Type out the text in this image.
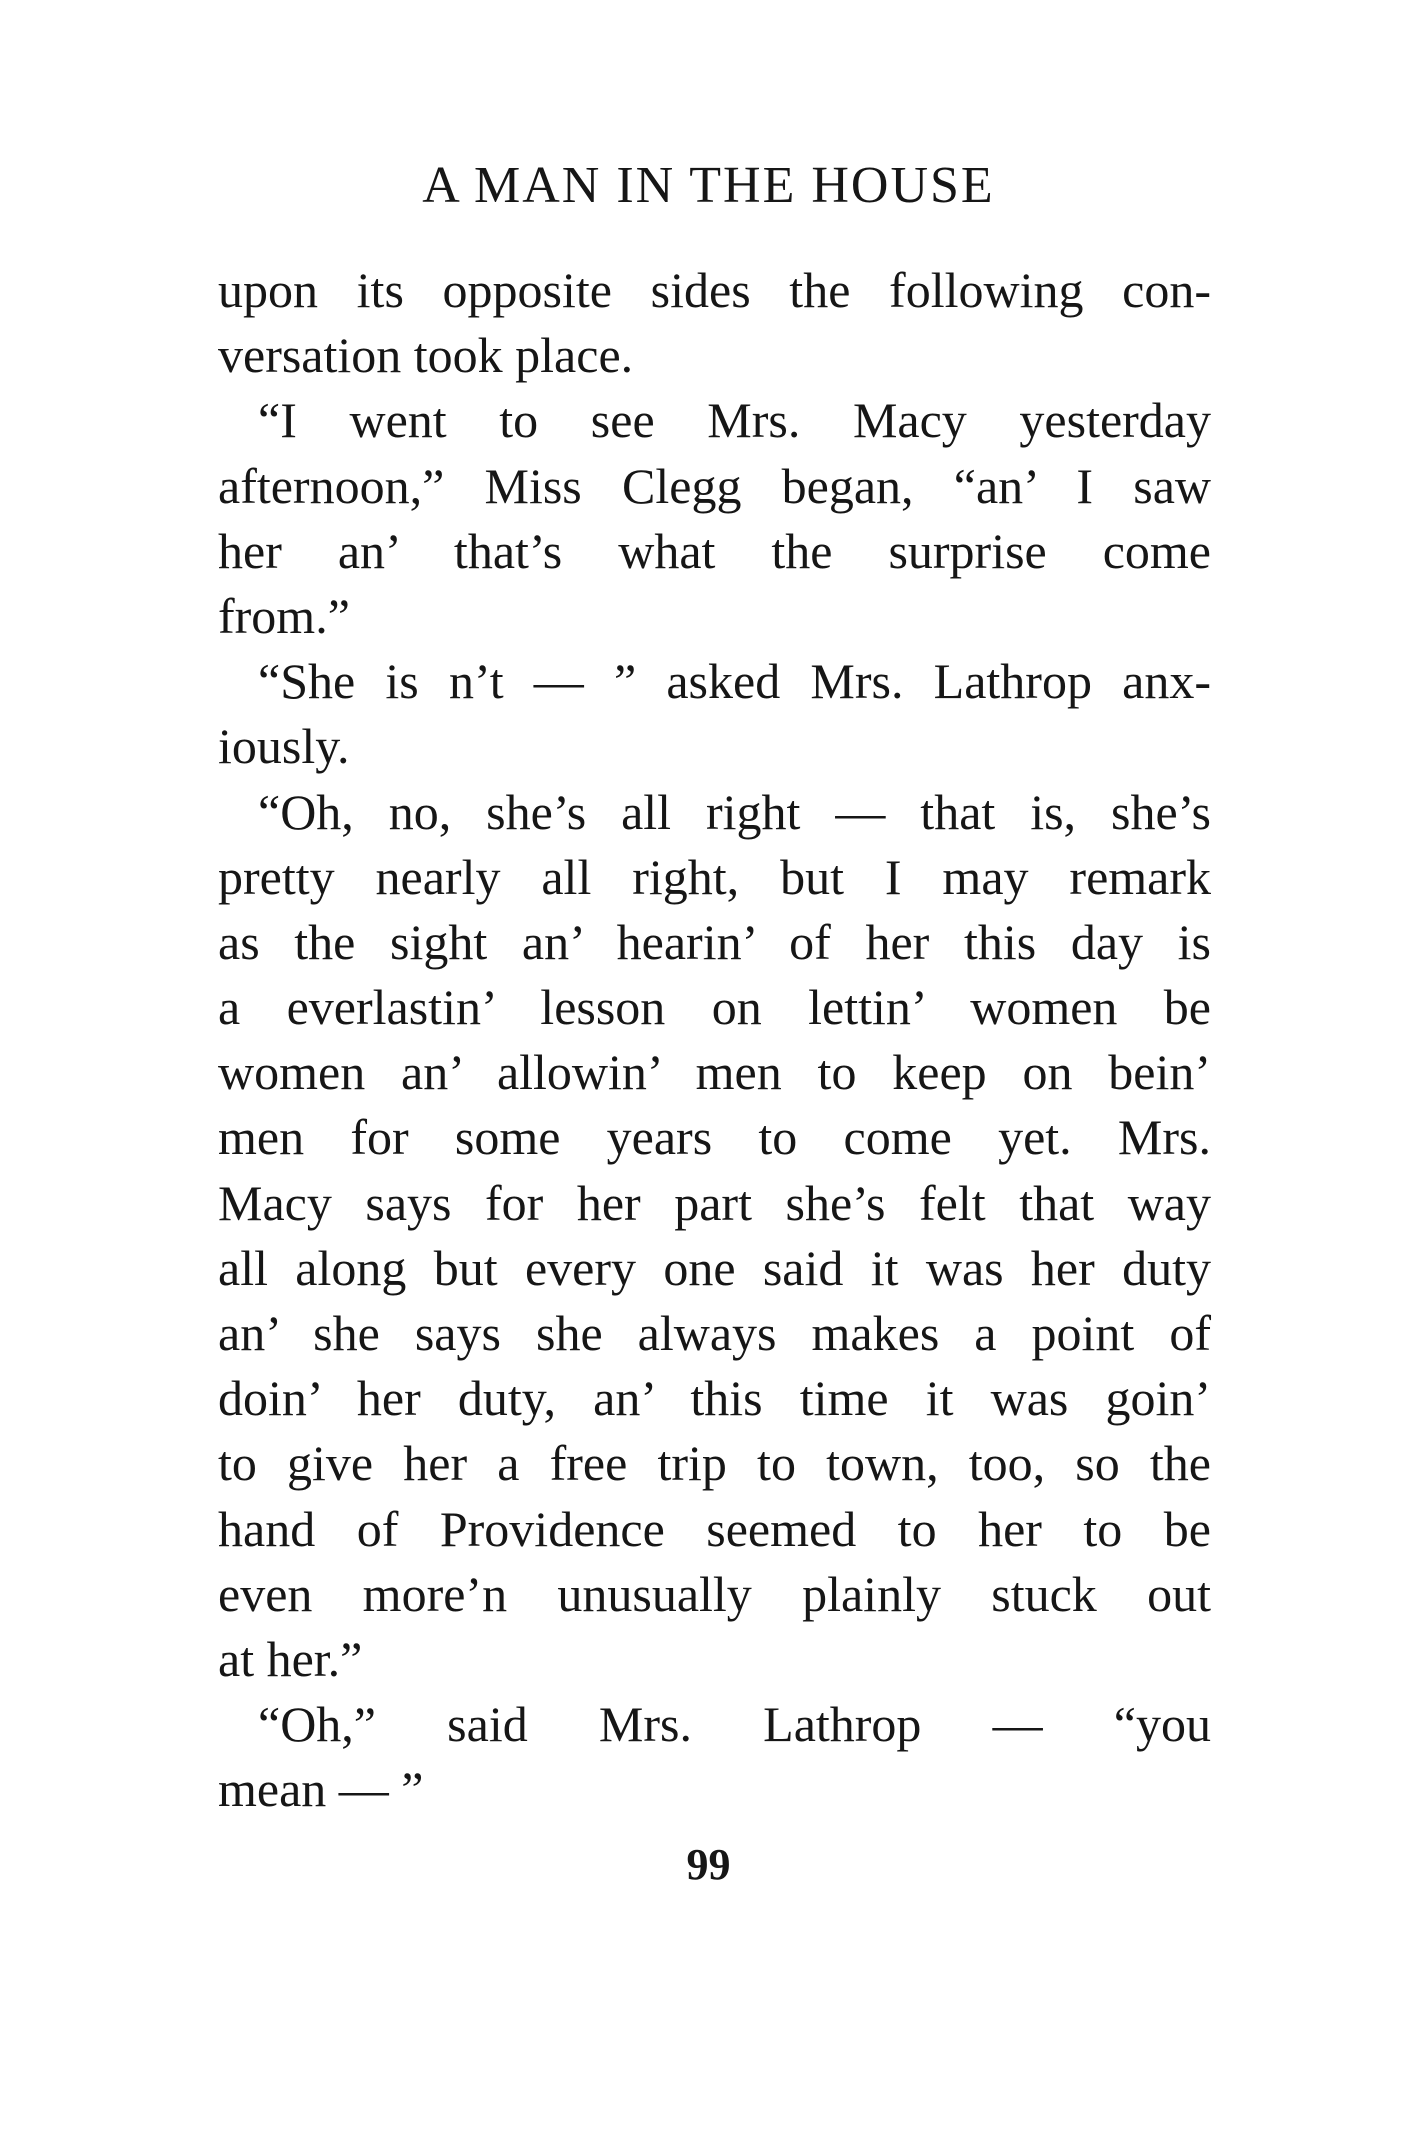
A MAN IN THE HOUSE
upon its opposite sides the following con-
versation took place.
“I went to see Mrs. Macy yesterday
afternoon,” Miss Clegg began, “an’ I saw
her an’ that’s what the surprise come
from.”
“She is n’t — ” asked Mrs. Lathrop anx-
iously.
“Oh, no, she’s all right — that is, she’s
pretty nearly all right, but I may remark
as the sight an’ hearin’ of her this day is
a everlastin’ lesson on lettin’ women be
women an’ allowin’ men to keep on bein’
men for some years to come yet. Mrs.
Macy says for her part she’s felt that way
all along but every one said it was her duty
an’ she says she always makes a point of
doin’ her duty, an’ this time it was goin’
to give her a free trip to town, too, so the
hand of Providence seemed to her to be
even more’n unusually plainly stuck out
at her.”
“Oh,” said Mrs. Lathrop — “you
mean — ”
99
